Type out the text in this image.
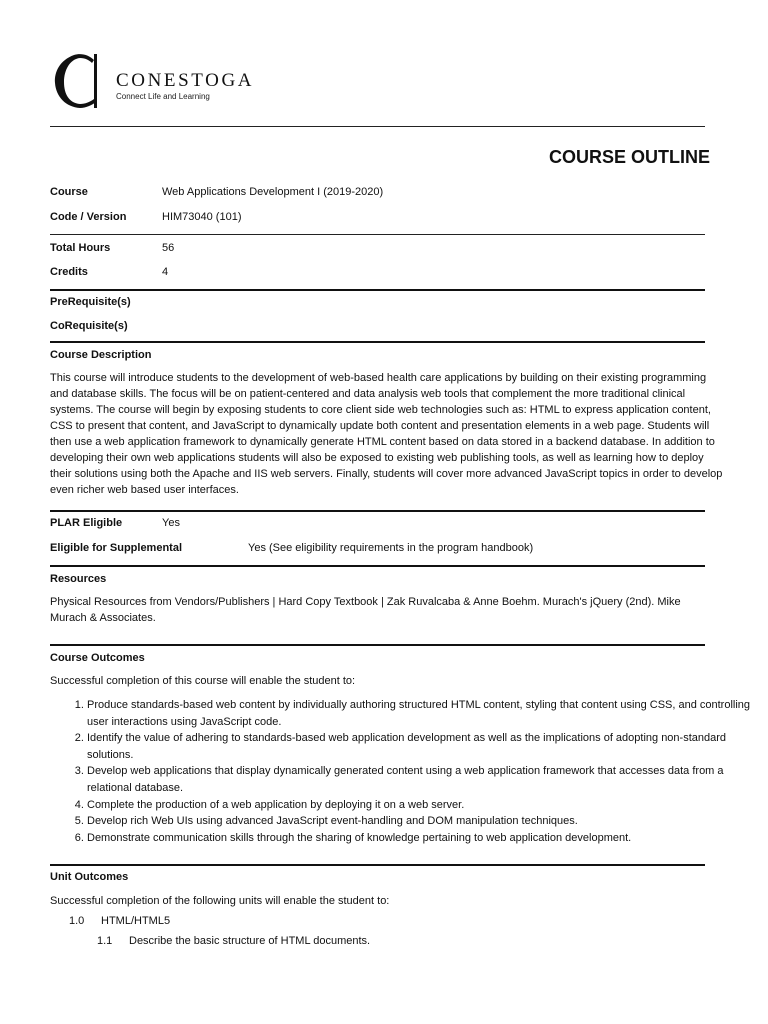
CONESTOGA
Connect Life and Learning
COURSE OUTLINE
Course	Web Applications Development I (2019-2020)
Code / Version	HIM73040 (101)
Total Hours	56
Credits	4
PreRequisite(s)
CoRequisite(s)
Course Description
This course will introduce students to the development of web-based health care applications by building on their existing programming and database skills. The focus will be on patient-centered and data analysis web tools that complement the more traditional clinical systems. The course will begin by exposing students to core client side web technologies such as: HTML to express application content, CSS to present that content, and JavaScript to dynamically update both content and presentation elements in a web page. Students will then use a web application framework to dynamically generate HTML content based on data stored in a backend database. In addition to developing their own web applications students will also be exposed to existing web publishing tools, as well as learning how to deploy their solutions using both the Apache and IIS web servers. Finally, students will cover more advanced JavaScript topics in order to develop even richer web based user interfaces.
PLAR Eligible	Yes
Eligible for Supplemental	Yes (See eligibility requirements in the program handbook)
Resources
Physical Resources from Vendors/Publishers | Hard Copy Textbook | Zak Ruvalcaba & Anne Boehm. Murach's jQuery (2nd). Mike Murach & Associates.
Course Outcomes
Successful completion of this course will enable the student to:
1. Produce standards-based web content by individually authoring structured HTML content, styling that content using CSS, and controlling user interactions using JavaScript code.
2. Identify the value of adhering to standards-based web application development as well as the implications of adopting non-standard solutions.
3. Develop web applications that display dynamically generated content using a web application framework that accesses data from a relational database.
4. Complete the production of a web application by deploying it on a web server.
5. Develop rich Web UIs using advanced JavaScript event-handling and DOM manipulation techniques.
6. Demonstrate communication skills through the sharing of knowledge pertaining to web application development.
Unit Outcomes
Successful completion of the following units will enable the student to:
1.0 HTML/HTML5
1.1 Describe the basic structure of HTML documents.
